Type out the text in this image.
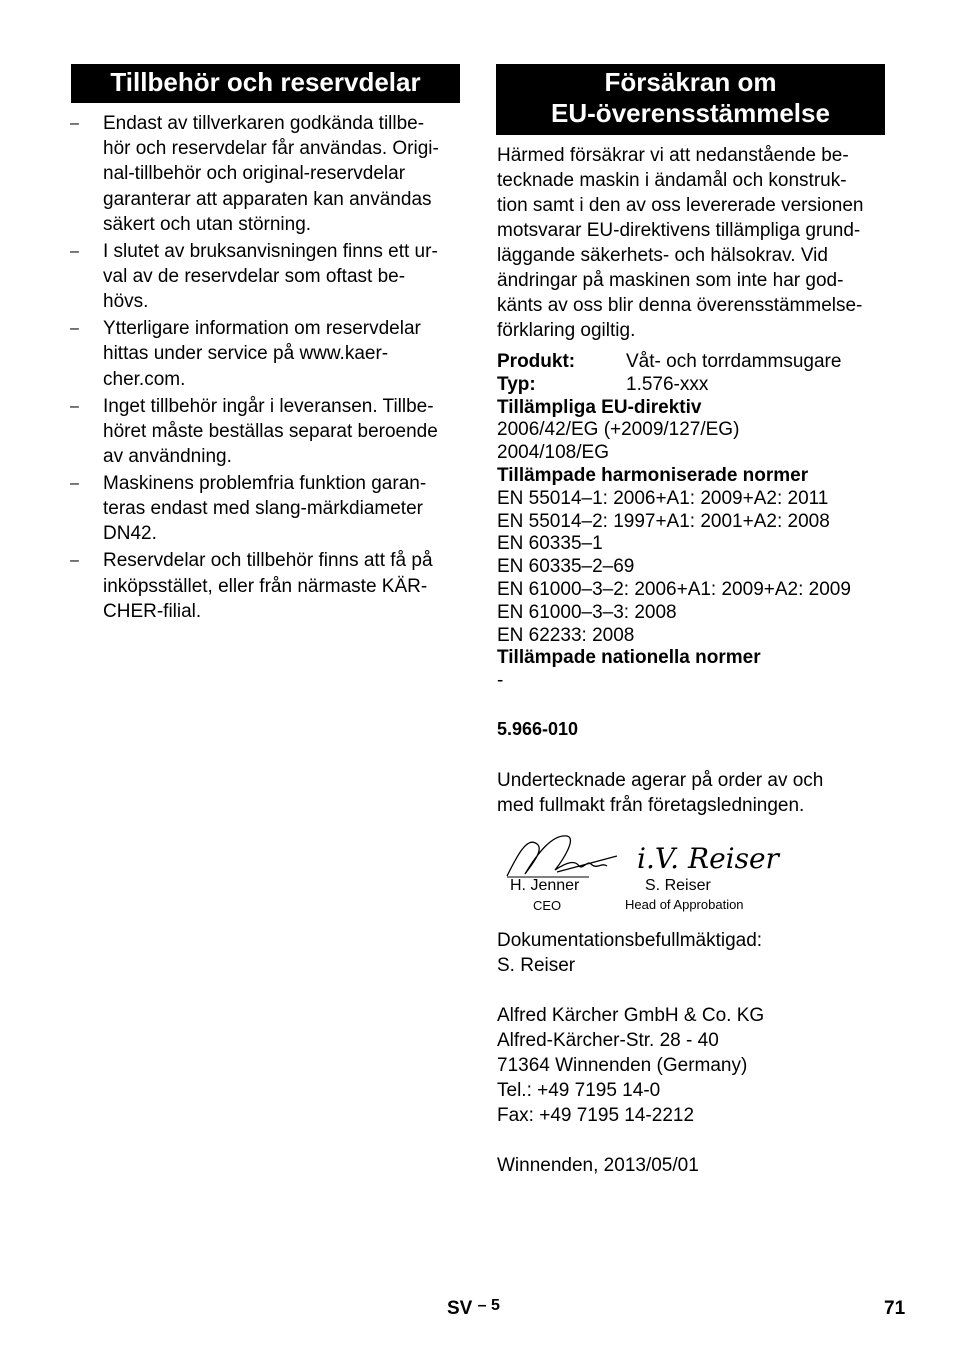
Tillbehör och reservdelar
– Endast av tillverkaren godkända tillbe-
hör och reservdelar får användas. Origi-
nal-tillbehör och original-reservdelar
garanterar att apparaten kan användas
säkert och utan störning.
– I slutet av bruksanvisningen finns ett ur-
val av de reservdelar som oftast be-
hövs.
– Ytterligare information om reservdelar
hittas under service på www.kaer-
cher.com.
– Inget tillbehör ingår i leveransen. Tillbe-
höret måste beställas separat beroende
av användning.
– Maskinens problemfria funktion garan-
teras endast med slang-märkdiameter
DN42.
– Reservdelar och tillbehör finns att få på
inköpsstället, eller från närmaste KÄR-
CHER-filial.
Försäkran om
EU-överensstämmelse
Härmed försäkrar vi att nedanstående be-
tecknade maskin i ändamål och konstruk-
tion samt i den av oss levererade versionen
motsvarar EU-direktivens tillämpliga grund-
läggande säkerhets- och hälsokrav. Vid
ändringar på maskinen som inte har god-
känts av oss blir denna överensstämmelse-
förklaring ogiltig.
Produkt:	Våt- och torrdammsugare
Typ:	1.576-xxx
Tillämpliga EU-direktiv
2006/42/EG (+2009/127/EG)
2004/108/EG
Tillämpade harmoniserade normer
EN 55014–1: 2006+A1: 2009+A2: 2011
EN 55014–2: 1997+A1: 2001+A2: 2008
EN 60335–1
EN 60335–2–69
EN 61000–3–2: 2006+A1: 2009+A2: 2009
EN 61000–3–3: 2008
EN 62233: 2008
Tillämpade nationella normer
-
5.966-010
Undertecknade agerar på order av och
med fullmakt från företagsledningen.
i.V. Reiser
H. Jenner
CEO
S. Reiser
Head of Approbation
Dokumentationsbefullmäktigad:
S. Reiser
Alfred Kärcher GmbH & Co. KG
Alfred-Kärcher-Str. 28 - 40
71364 Winnenden (Germany)
Tel.: +49 7195 14-0
Fax: +49 7195 14-2212
Winnenden, 2013/05/01
SV $^{- 5}$	71
